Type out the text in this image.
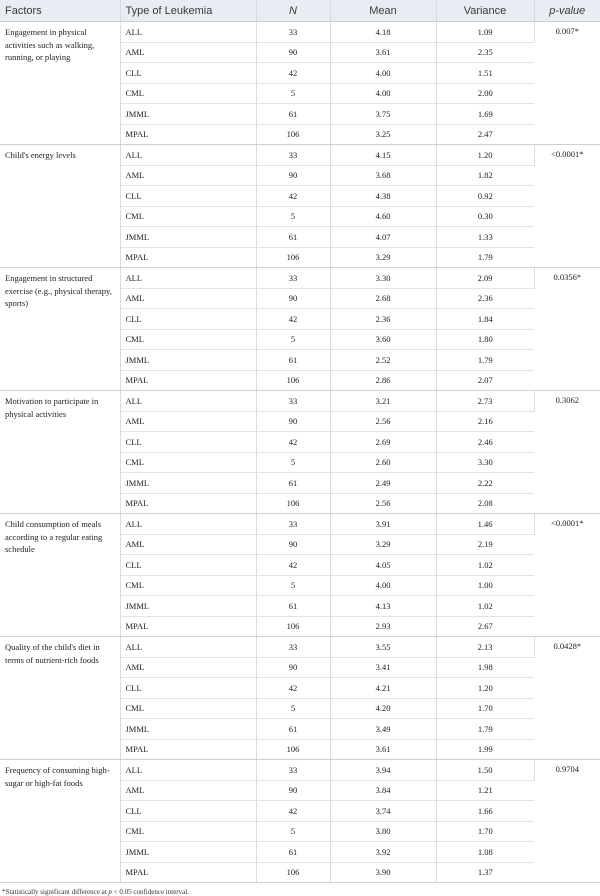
Factors	Type of Leukemia	N	Mean	Variance	p-value
Engagement in physical activities such as walking, running, or playing	ALL	33	4.18	1.09	0.007*
	AML	90	3.61	2.35	
	CLL	42	4.00	1.51	
	CML	5	4.00	2.00	
	JMML	61	3.75	1.69	
	MPAL	106	3.25	2.47	
Child's energy levels	ALL	33	4.15	1.20	<0.0001*
	AML	90	3.68	1.82	
	CLL	42	4.38	0.92	
	CML	5	4.60	0.30	
	JMML	61	4.07	1.33	
	MPAL	106	3.29	1.79	
Engagement in structured exercise (e.g., physical therapy, sports)	ALL	33	3.30	2.09	0.0356*
	AML	90	2.68	2.36	
	CLL	42	2.36	1.84	
	CML	5	3.60	1.80	
	JMML	61	2.52	1.79	
	MPAL	106	2.86	2.07	
Motivation to participate in physical activities	ALL	33	3.21	2.73	0.3062
	AML	90	2.56	2.16	
	CLL	42	2.69	2.46	
	CML	5	2.60	3.30	
	JMML	61	2.49	2.22	
	MPAL	106	2.56	2.08	
Child consumption of meals according to a regular eating schedule	ALL	33	3.91	1.46	<0.0001*
	AML	90	3.29	2.19	
	CLL	42	4.05	1.02	
	CML	5	4.00	1.00	
	JMML	61	4.13	1.02	
	MPAL	106	2.93	2.67	
Quality of the child's diet in terms of nutrient-rich foods	ALL	33	3.55	2.13	0.0428*
	AML	90	3.41	1.98	
	CLL	42	4.21	1.20	
	CML	5	4.20	1.70	
	JMML	61	3.49	1.79	
	MPAL	106	3.61	1.99	
Frequency of consuming high-sugar or high-fat foods	ALL	33	3.94	1.50	0.9704
	AML	90	3.84	1.21	
	CLL	42	3.74	1.66	
	CML	5	3.80	1.70	
	JMML	61	3.92	1.08	
	MPAL	106	3.90	1.37	
*Statistically significant difference at p < 0.05 confidence interval.
